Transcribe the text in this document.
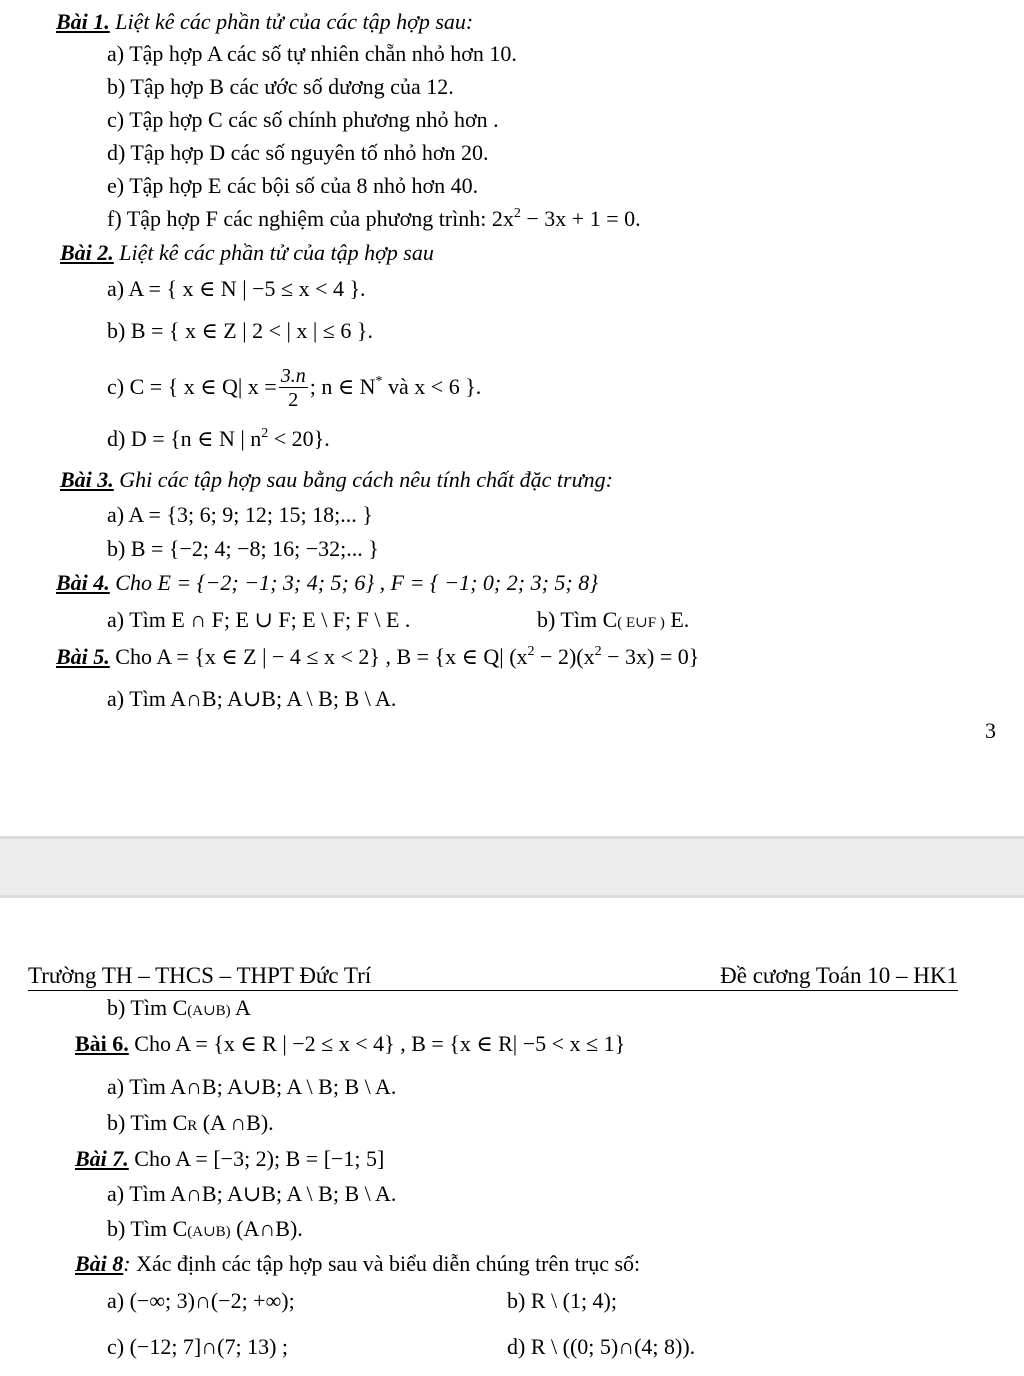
Bài 1. Liệt kê các phần tử của các tập hợp sau:
a) Tập hợp A các số tự nhiên chẵn nhỏ hơn 10.
b) Tập hợp B các ước số dương của 12.
c) Tập hợp C các số chính phương nhỏ hơn .
d) Tập hợp D các số nguyên tố nhỏ hơn 20.
e) Tập hợp E các bội số của 8 nhỏ hơn 40.
f) Tập hợp F các nghiệm của phương trình: $2x^2 - 3x + 1 = 0$.
Bài 2. Liệt kê các phần tử của tập hợp sau
a) A = { x ∈ N | −5 ≤ x < 4 }.
b) B = { x ∈ Z | 2 < | x | ≤ 6 }.
c) C = { x ∈ Q| $x = \frac{3.n}{2}$ ; n ∈ N* và x < 6 }.
d) D = {n ∈ N | $n^2 < 20$}.
Bài 3. Ghi các tập hợp sau bằng cách nêu tính chất đặc trưng:
a) A = {3; 6; 9; 12; 15; 18;... }
b) B = {−2; 4; −8; 16; −32;... }
Bài 4. Cho E = {−2; −1; 3; 4; 5; 6} , F = { −1; 0; 2; 3; 5; 8}
a) Tìm E ∩ F; E ∪ F; E \ F; F \ E .	b) Tìm C( E∪F ) E.
Bài 5. Cho A = {x ∈ Z | − 4 ≤ x < 2} , B = {x ∈ Q| $(x^2 - 2)(x^2 - 3x) = 0$}
a) Tìm A∩B; A∪B; A \ B; B \ A.
3
Trường TH – THCS – THPT Đức Trí	Đề cương Toán 10 – HK1
b) Tìm C(A∪B) A
Bài 6. Cho A = {x ∈ R | −2 ≤ x < 4} , B = {x ∈ R| −5 < x ≤ 1}
a) Tìm A∩B; A∪B; A \ B; B \ A.
b) Tìm CR (A ∩B).
Bài 7. Cho A = [−3; 2); B = [−1; 5]
a) Tìm A∩B; A∪B; A \ B; B \ A.
b) Tìm C(A∪B) (A∩B).
Bài 8: Xác định các tập hợp sau và biểu diễn chúng trên trục số:
a) (−∞; 3)∩(−2; +∞);	b) R \ (1; 4);
c) (−12; 7]∩(7; 13) ;	d) R \ ((0; 5)∩(4; 8)).
